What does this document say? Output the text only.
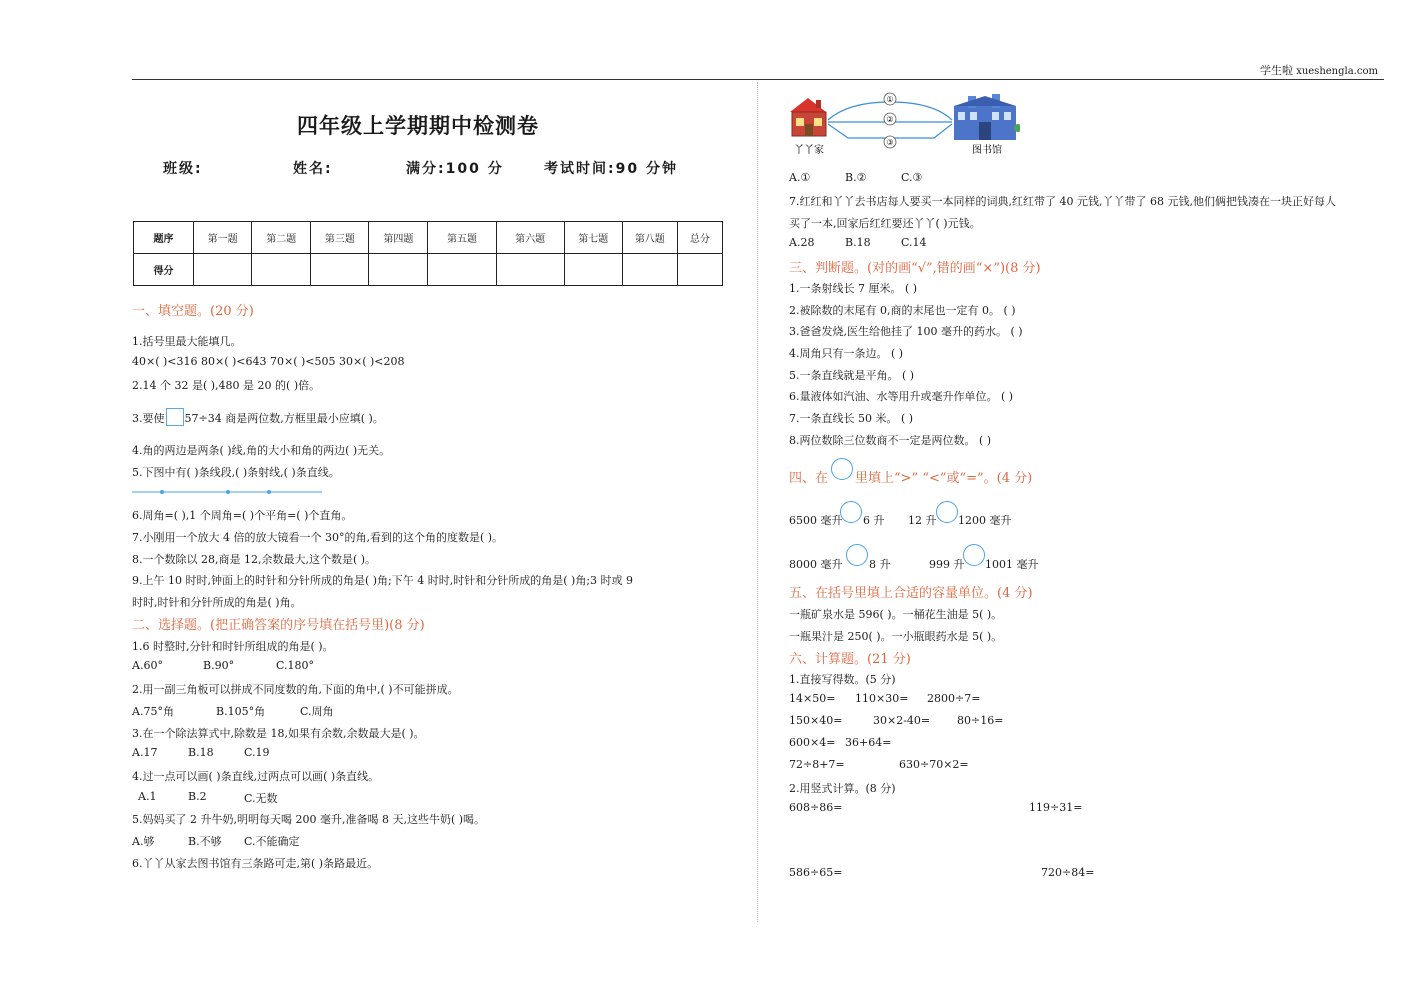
学生啦 xueshengla.com
四年级上学期期中检测卷
班级:	姓名:	满分:100 分	考试时间:90 分钟
题序	第一题	第二题	第三题	第四题	第五题	第六题	第七题	第八题	总分
得分									
一、填空题。(20 分)
1.括号里最大能填几。
40×( )<316 80×( )<643 70×( )<505 30×( )<208
2.14 个 32 是( ),480 是 20 的( )倍。
3.要使 57÷34 商是两位数,方框里最小应填( )。
4.角的两边是两条( )线,角的大小和角的两边( )无关。
5.下图中有( )条线段,( )条射线,( )条直线。
6.周角=( ),1 个周角=( )个平角=( )个直角。
7.小刚用一个放大 4 倍的放大镜看一个 30°的角,看到的这个角的度数是( )。
8.一个数除以 28,商是 12,余数最大,这个数是( )。
9.上午 10 时时,钟面上的时针和分针所成的角是( )角;下午 4 时时,时针和分针所成的角是( )角;3 时或 9
时时,时针和分针所成的角是( )角。
二、选择题。(把正确答案的序号填在括号里)(8 分)
1.6 时整时,分针和时针所组成的角是( )。
A.60°	B.90°	C.180°
2.用一副三角板可以拼成不同度数的角,下面的角中,( )不可能拼成。
A.75°角	B.105°角	C.周角
3.在一个除法算式中,除数是 18,如果有余数,余数最大是( )。
A.17	B.18	C.19
4.过一点可以画( )条直线,过两点可以画( )条直线。
A.1	B.2	C.无数
5.妈妈买了 2 升牛奶,明明每天喝 200 毫升,准备喝 8 天,这些牛奶( )喝。
A.够	B.不够 C.不能确定
6.丫丫从家去图书馆有三条路可走,第( )条路最近。
①
②
③
丫丫家	图书馆
A.①	B.②	C.③
7.红红和丫丫去书店每人要买一本同样的词典,红红带了 40 元钱,丫丫带了 68 元钱,他们俩把钱凑在一块正好每人
买了一本,回家后红红要还丫丫( )元钱。
A.28	B.18	C.14
三、判断题。(对的画“√”,错的画“×”)(8 分)
1.一条射线长 7 厘米。 ( )
2.被除数的末尾有 0,商的末尾也一定有 0。 ( )
3.爸爸发烧,医生给他挂了 100 毫升的药水。 ( )
4.周角只有一条边。 ( )
5.一条直线就是平角。 ( )
6.量液体如汽油、水等用升或毫升作单位。 ( )
7.一条直线长 50 米。 ( )
8.两位数除三位数商不一定是两位数。 ( )
四、在 里填上“>” “<”或“=”。(4 分)
6500 毫升 6 升 12 升 1200 毫升
8000 毫升 8 升	999 升 1001 毫升
五、在括号里填上合适的容量单位。(4 分)
一瓶矿泉水是 596( )。一桶花生油是 5( )。
一瓶果汁是 250( )。一小瓶眼药水是 5( )。
六、计算题。(21 分)
1.直接写得数。(5 分)
14×50= 110×30= 2800÷7=
150×40=	30×2-40= 80÷16=
600×4= 36+64=
72÷8+7=	630÷70×2=
2.用竖式计算。(8 分)
608÷86=	119÷31=
586÷65=	720÷84=
